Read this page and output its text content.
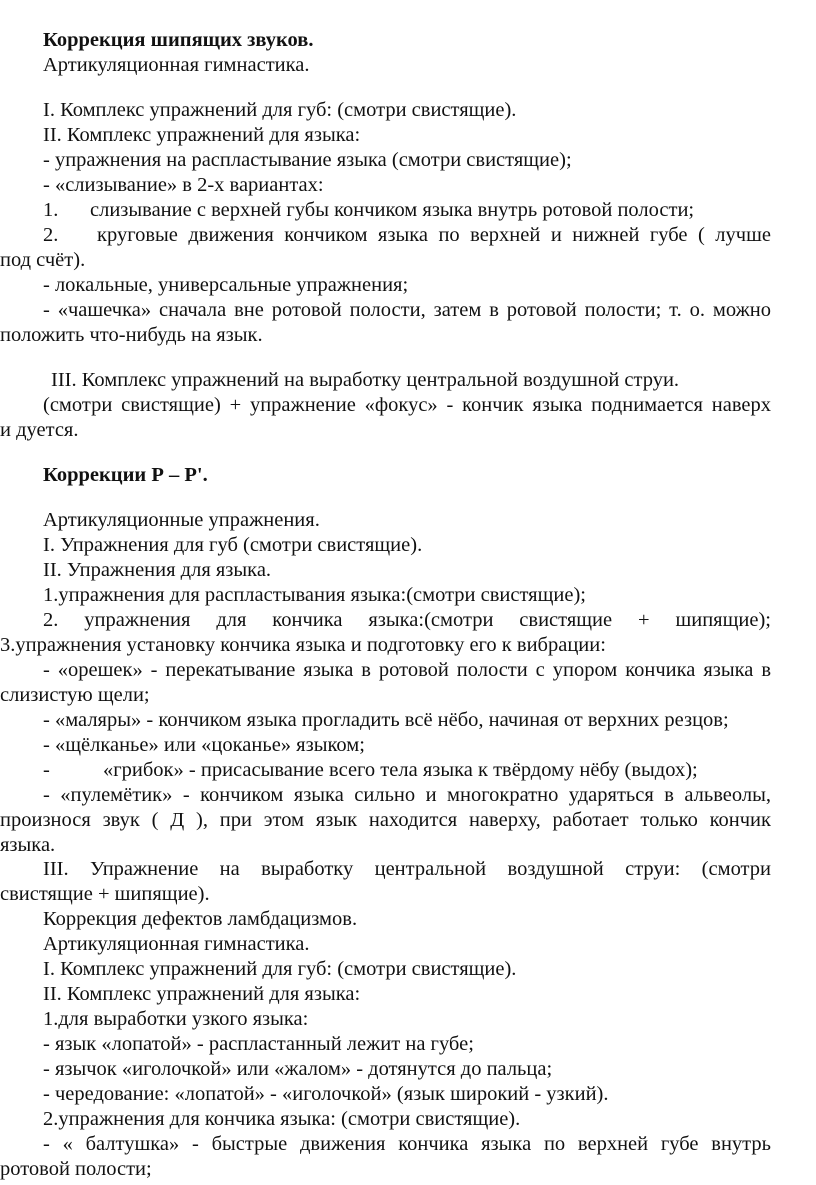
Коррекция шипящих звуков.
Артикуляционная гимнастика.
I. Комплекс упражнений для губ: (смотри свистящие).
II. Комплекс упражнений для языка:
- упражнения на распластывание языка (смотри свистящие);
- «слизывание» в 2-х вариантах:
1. слизывание с верхней губы кончиком языка внутрь ротовой полости;
2. круговые движения кончиком языка по верхней и нижней губе ( лучше
под счёт).
- локальные, универсальные упражнения;
- «чашечка» сначала вне ротовой полости, затем в ротовой полости; т. о. можно
положить что-нибудь на язык.
III. Комплекс упражнений на выработку центральной воздушной струи.
(смотри свистящие) + упражнение «фокус» - кончик языка поднимается наверх
и дуется.
Коррекции Р – Р'.
Артикуляционные упражнения.
I. Упражнения для губ (смотри свистящие).
II. Упражнения для языка.
1.упражнения для распластывания языка:(смотри свистящие);
2. упражнения для кончика языка:(смотри свистящие + шипящие);
3.упражнения установку кончика языка и подготовку его к вибрации:
- «орешек» - перекатывание языка в ротовой полости с упором кончика языка в
слизистую щели;
- «маляры» - кончиком языка прогладить всё нёбо, начиная от верхних резцов;
- «щёлканье» или «цоканье» языком;
-	«грибок» - присасывание всего тела языка к твёрдому нёбу (выдох);
- «пулемётик» - кончиком языка сильно и многократно ударяться в альвеолы,
произнося звук ( Д ), при этом язык находится наверху, работает только кончик
языка.
III. Упражнение на выработку центральной воздушной струи: (смотри
свистящие + шипящие).
Коррекция дефектов ламбдацизмов.
Артикуляционная гимнастика.
I. Комплекс упражнений для губ: (смотри свистящие).
II. Комплекс упражнений для языка:
1.для выработки узкого языка:
- язык «лопатой» - распластанный лежит на губе;
- язычок «иголочкой» или «жалом» - дотянутся до пальца;
- чередование: «лопатой» - «иголочкой» (язык широкий - узкий).
2.упражнения для кончика языка: (смотри свистящие).
- « балтушка» - быстрые движения кончика языка по верхней губе внутрь
ротовой полости;
